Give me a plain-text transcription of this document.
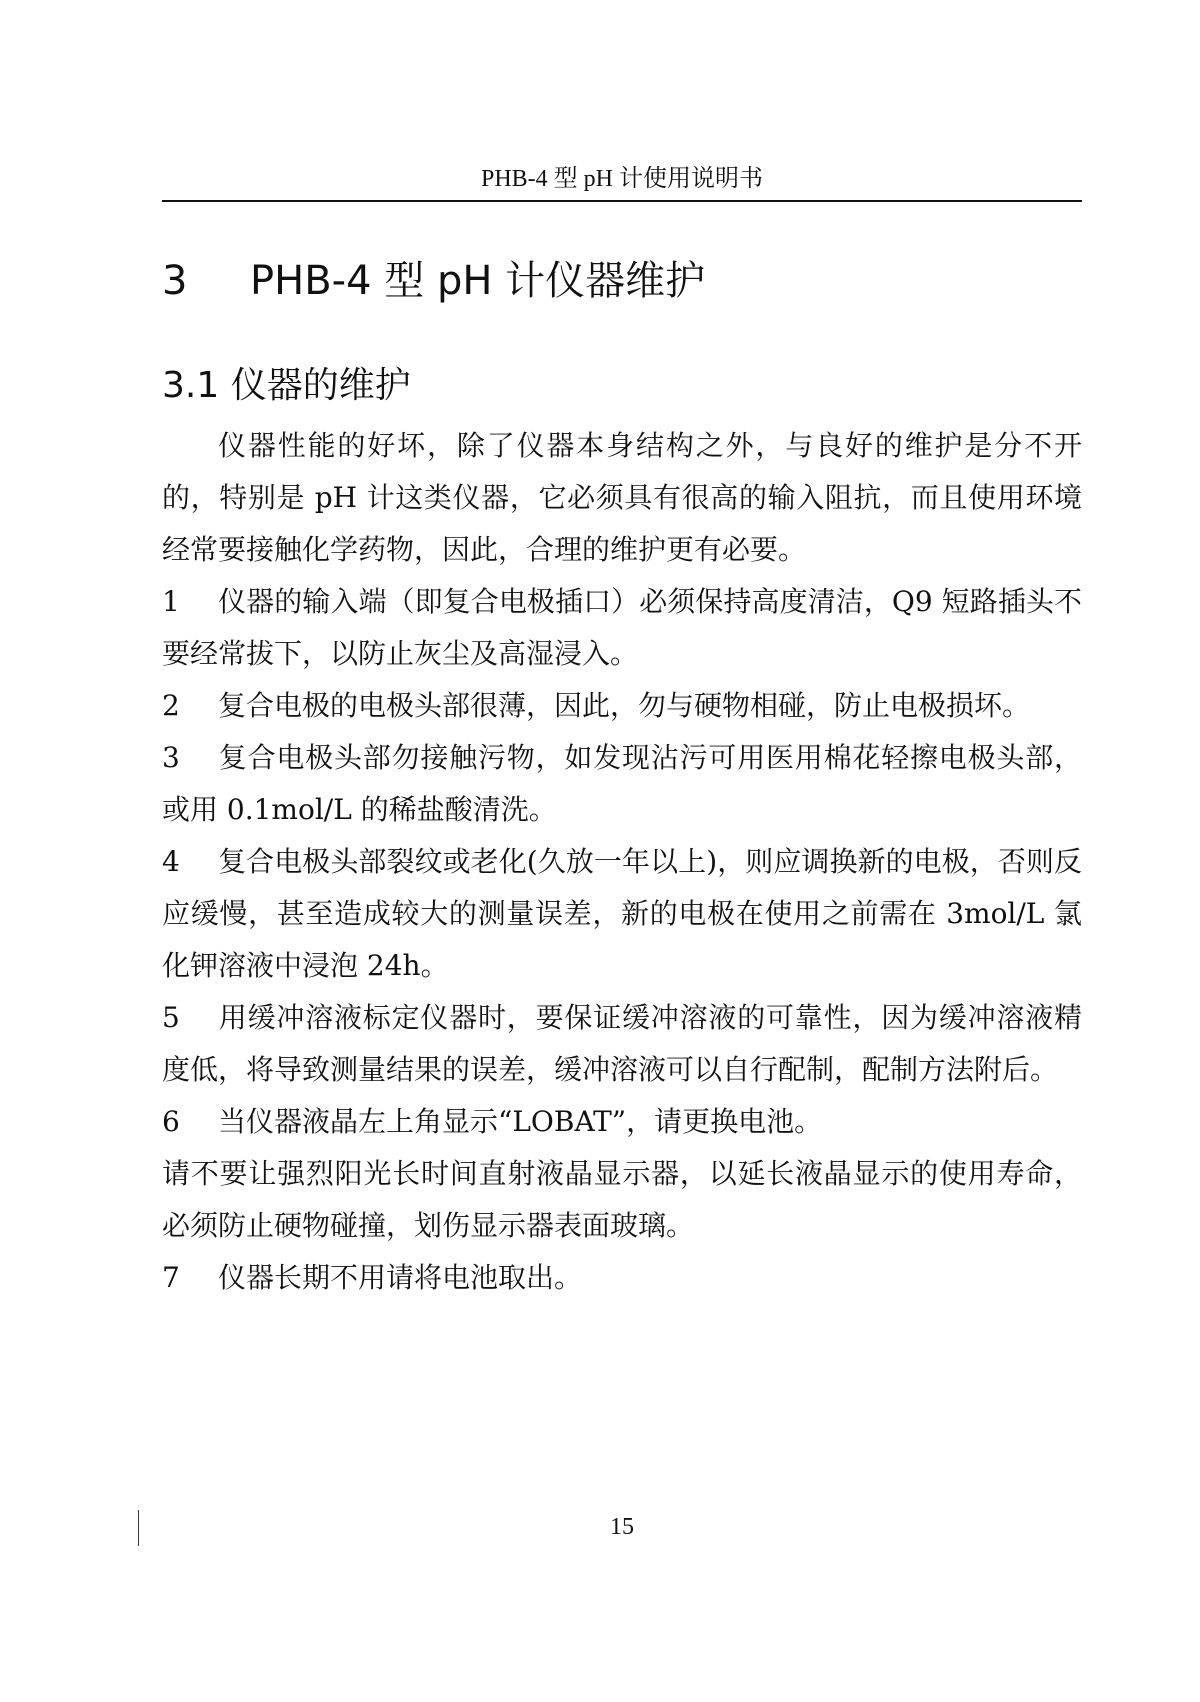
PHB-4 型 pH 计使用说明书
3 PHB-4 型 pH 计仪器维护
3.1 仪器的维护

仪器性能的好坏，除了仪器本身结构之外，与良好的维护是分不开的，特别是 pH 计这类仪器，它必须具有很高的输入阻抗，而且使用环境经常要接触化学药物，因此，合理的维护更有必要。

1 仪器的输入端（即复合电极插口）必须保持高度清洁，Q9 短路插头不要经常拔下，以防止灰尘及高湿浸入。

2 复合电极的电极头部很薄，因此，勿与硬物相碰，防止电极损坏。

3 复合电极头部勿接触污物，如发现沾污可用医用棉花轻擦电极头部，或用 0.1mol/L 的稀盐酸清洗。

4 复合电极头部裂纹或老化(久放一年以上)，则应调换新的电极，否则反应缓慢，甚至造成较大的测量误差，新的电极在使用之前需在 3mol/L 氯化钾溶液中浸泡 24h。

5 用缓冲溶液标定仪器时，要保证缓冲溶液的可靠性，因为缓冲溶液精度低，将导致测量结果的误差，缓冲溶液可以自行配制，配制方法附后。

6 当仪器液晶左上角显示“LOBAT”，请更换电池。

请不要让强烈阳光长时间直射液晶显示器，以延长液晶显示的使用寿命，必须防止硬物碰撞，划伤显示器表面玻璃。

7 仪器长期不用请将电池取出。

15
